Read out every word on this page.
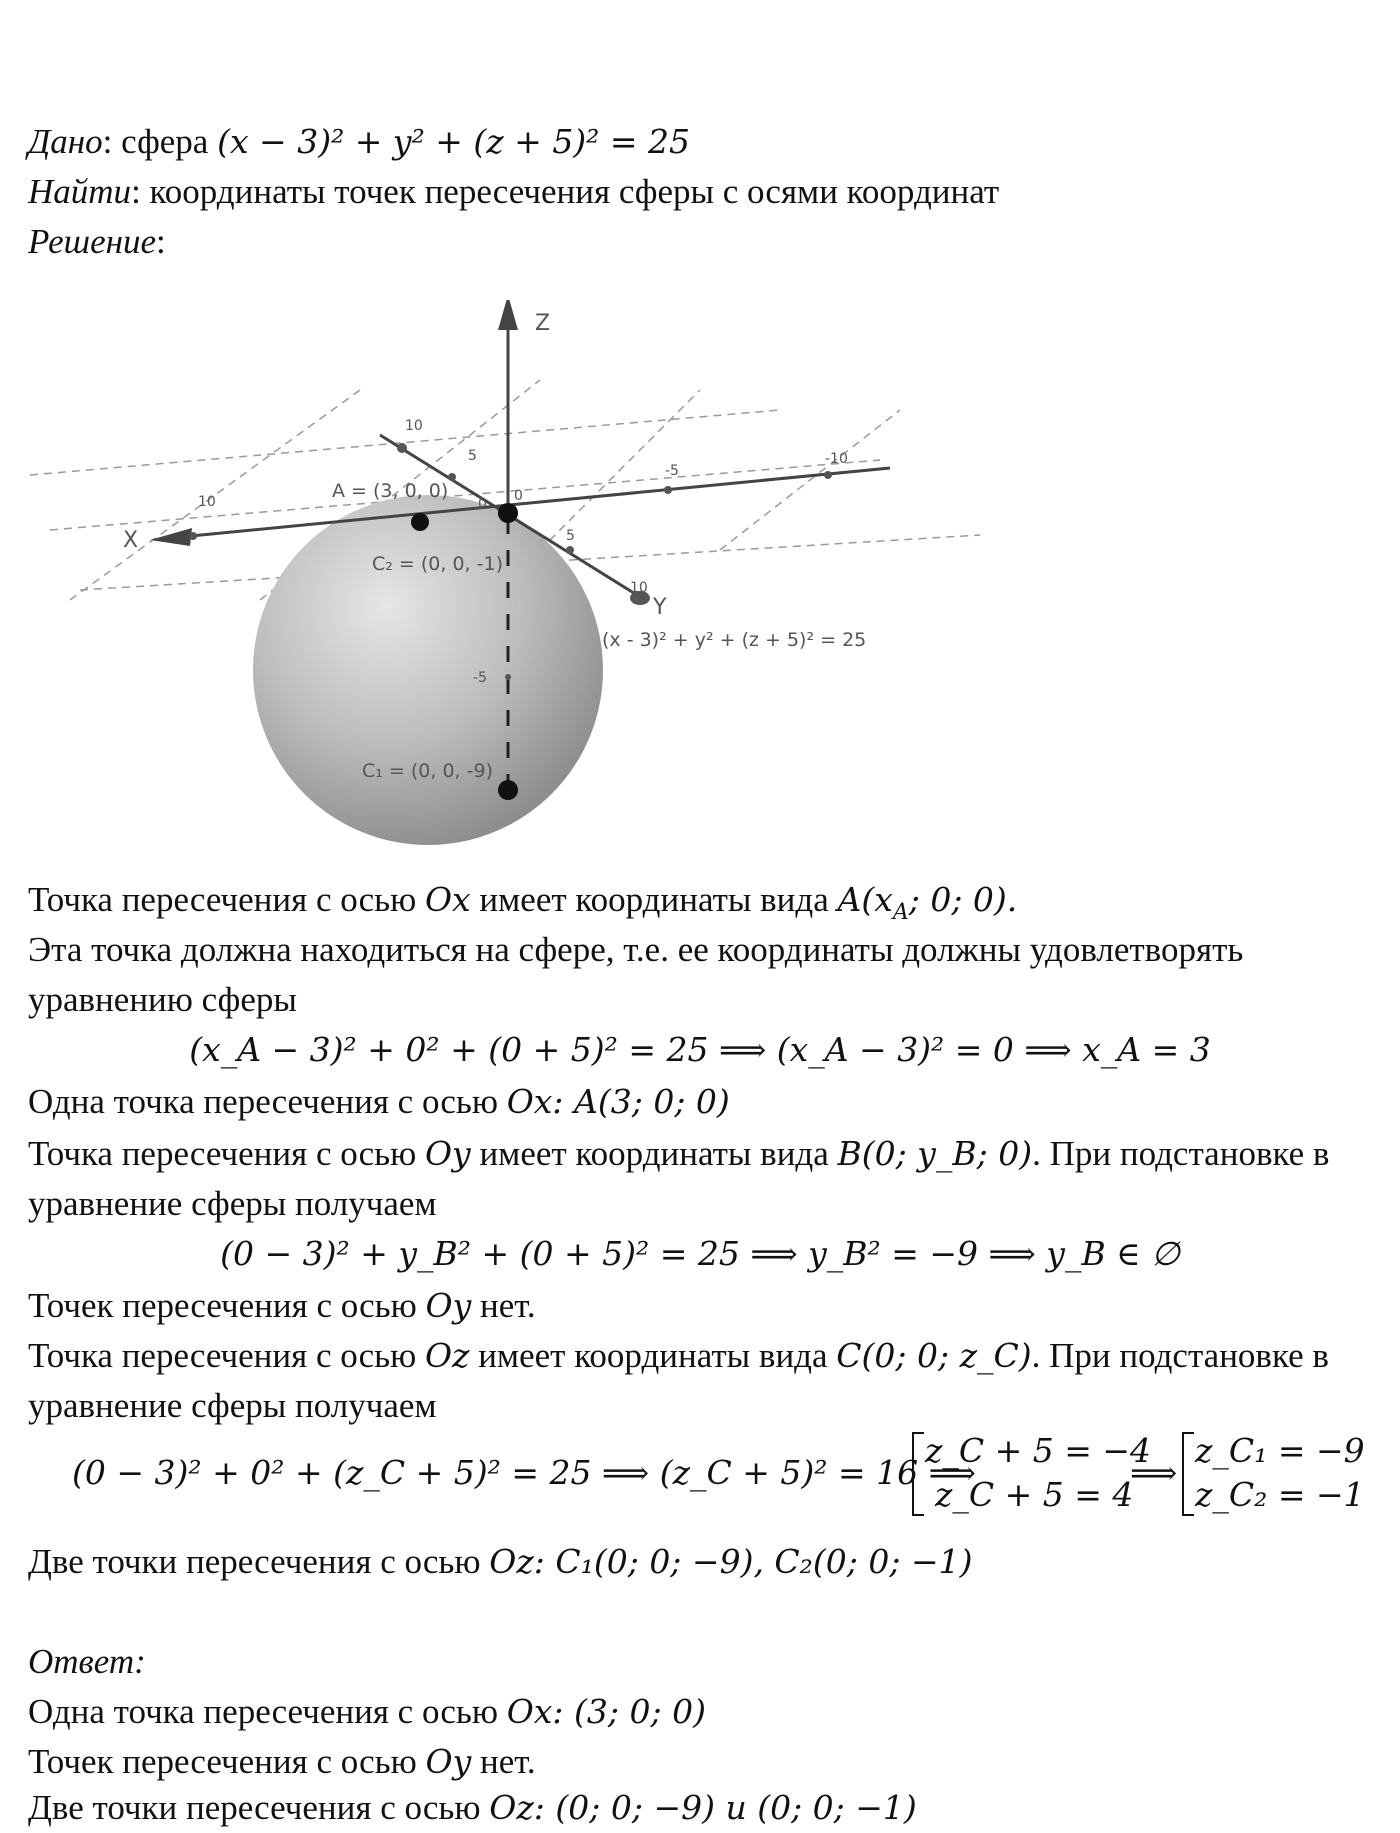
Дано: сфера (x − 3)² + y² + (z + 5)² = 25
Найти: координаты точек пересечения сферы с осями координат
Решение:
Z
X
Y
10
5
-5
-10
10
5
10
-5
0 0
A = (3, 0, 0)
C₂ = (0, 0, -1)
C₁ = (0, 0, -9)
(x - 3)² + y² + (z + 5)² = 25
Точка пересечения с осью Ox имеет координаты вида $A(x_A$; 0; 0).
Эта точка должна находиться на сфере, т.е. ее координаты должны удовлетворять
уравнению сферы
(x_A − 3)² + 0² + (0 + 5)² = 25 ⟹ (x_A − 3)² = 0 ⟹ x_A = 3
Одна точка пересечения с осью Ox: A(3; 0; 0)
Точка пересечения с осью Oy имеет координаты вида B(0; y_B; 0). При подстановке в
уравнение сферы получаем
(0 − 3)² + y_B² + (0 + 5)² = 25 ⟹ y_B² = −9 ⟹ y_B ∈ ∅
Точек пересечения с осью Oy нет.
Точка пересечения с осью Oz имеет координаты вида C(0; 0; z_C). При подстановке в
уравнение сферы получаем
(0 − 3)² + 0² + (z_C + 5)² = 25 ⟹ (z_C + 5)² = 16 ⟹
z_C + 5 = −4
z_C + 5 = 4
⟹
z_C₁ = −9
z_C₂ = −1
Две точки пересечения с осью Oz: C₁(0; 0; −9), C₂(0; 0; −1)
Ответ:
Одна точка пересечения с осью Ox: (3; 0; 0)
Точек пересечения с осью Oy нет.
Две точки пересечения с осью Oz: (0; 0; −9) и (0; 0; −1)
